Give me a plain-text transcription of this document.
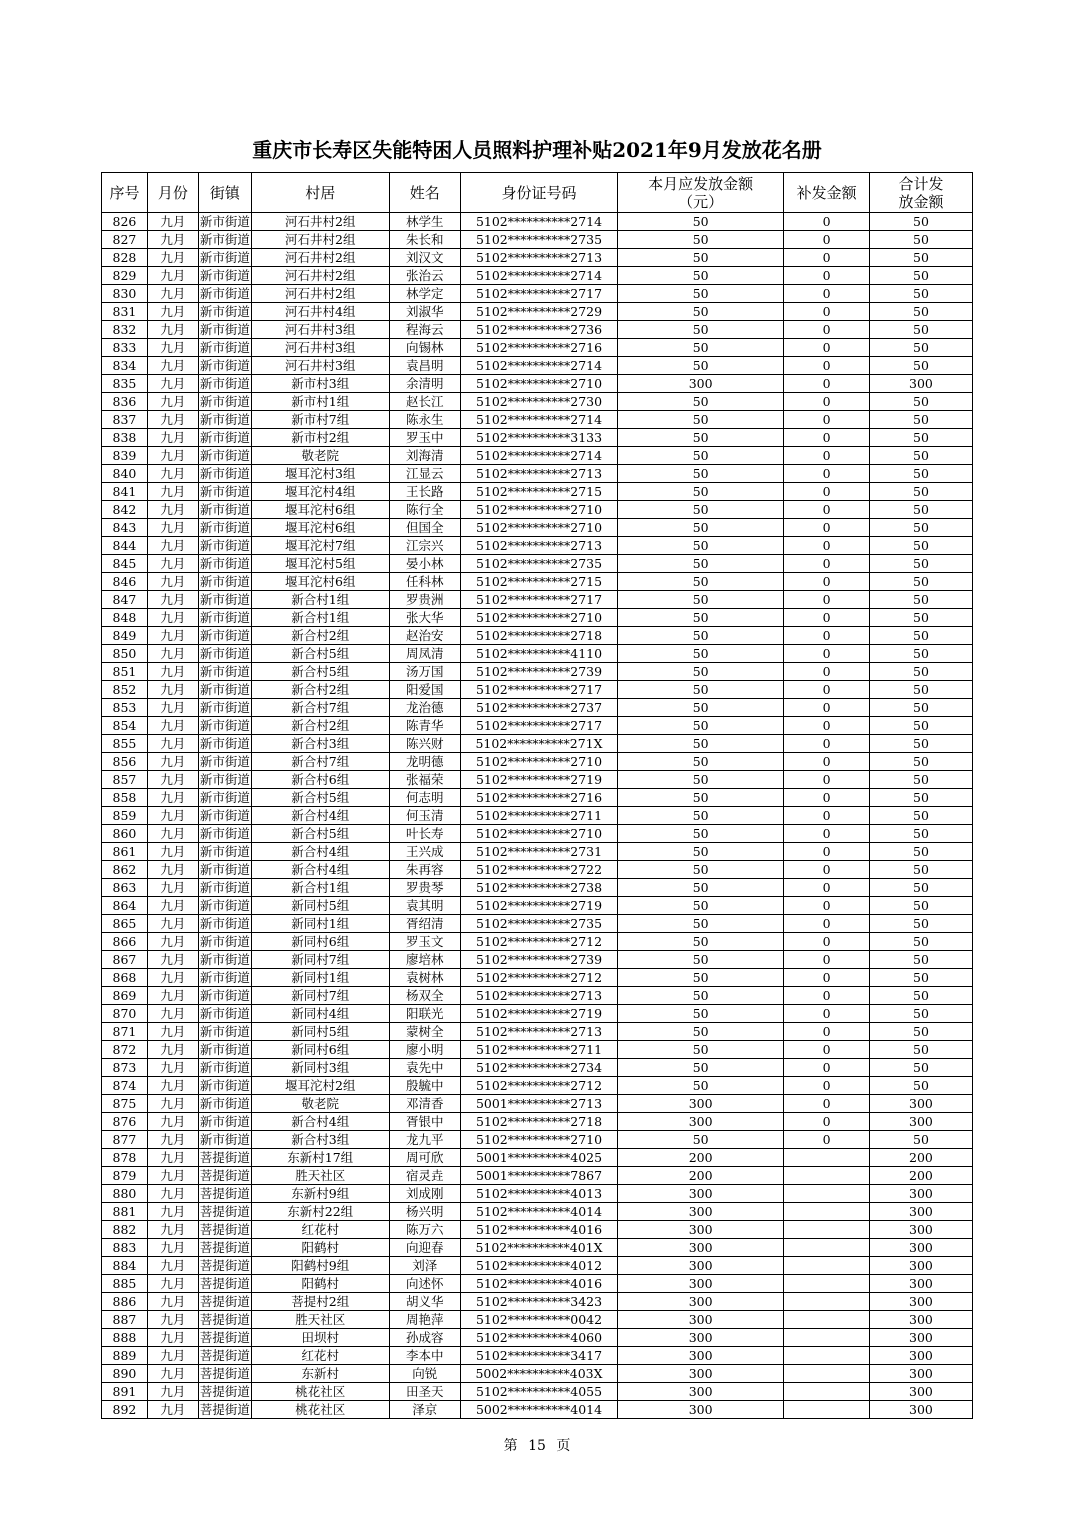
重庆市长寿区失能特困人员照料护理补贴2021年9月发放花名册
序号	月份	街镇	村居	姓名	身份证号码	本月应发放金额（元）	补发金额	合计发放金额
826	九月	新市街道	河石井村2组	林学生	5102**********2714	50	0	50
827	九月	新市街道	河石井村2组	朱长和	5102**********2735	50	0	50
828	九月	新市街道	河石井村2组	刘汉文	5102**********2713	50	0	50
829	九月	新市街道	河石井村2组	张治云	5102**********2714	50	0	50
830	九月	新市街道	河石井村2组	林学定	5102**********2717	50	0	50
831	九月	新市街道	河石井村4组	刘淑华	5102**********2729	50	0	50
832	九月	新市街道	河石井村3组	程海云	5102**********2736	50	0	50
833	九月	新市街道	河石井村3组	向锡林	5102**********2716	50	0	50
834	九月	新市街道	河石井村3组	袁昌明	5102**********2714	50	0	50
835	九月	新市街道	新市村3组	余清明	5102**********2710	300	0	300
836	九月	新市街道	新市村1组	赵长江	5102**********2730	50	0	50
837	九月	新市街道	新市村7组	陈永生	5102**********2714	50	0	50
838	九月	新市街道	新市村2组	罗玉中	5102**********3133	50	0	50
839	九月	新市街道	敬老院	刘海清	5102**********2714	50	0	50
840	九月	新市街道	堰耳沱村3组	江显云	5102**********2713	50	0	50
841	九月	新市街道	堰耳沱村4组	王长路	5102**********2715	50	0	50
842	九月	新市街道	堰耳沱村6组	陈行全	5102**********2710	50	0	50
843	九月	新市街道	堰耳沱村6组	但国全	5102**********2710	50	0	50
844	九月	新市街道	堰耳沱村7组	江宗兴	5102**********2713	50	0	50
845	九月	新市街道	堰耳沱村5组	晏小林	5102**********2735	50	0	50
846	九月	新市街道	堰耳沱村6组	任科林	5102**********2715	50	0	50
847	九月	新市街道	新合村1组	罗贵洲	5102**********2717	50	0	50
848	九月	新市街道	新合村1组	张大华	5102**********2710	50	0	50
849	九月	新市街道	新合村2组	赵治安	5102**********2718	50	0	50
850	九月	新市街道	新合村5组	周凤清	5102**********4110	50	0	50
851	九月	新市街道	新合村5组	汤万国	5102**********2739	50	0	50
852	九月	新市街道	新合村2组	阳爱国	5102**********2717	50	0	50
853	九月	新市街道	新合村7组	龙治德	5102**********2737	50	0	50
854	九月	新市街道	新合村2组	陈青华	5102**********2717	50	0	50
855	九月	新市街道	新合村3组	陈兴财	5102**********271X	50	0	50
856	九月	新市街道	新合村7组	龙明德	5102**********2710	50	0	50
857	九月	新市街道	新合村6组	张福荣	5102**********2719	50	0	50
858	九月	新市街道	新合村5组	何志明	5102**********2716	50	0	50
859	九月	新市街道	新合村4组	何玉清	5102**********2711	50	0	50
860	九月	新市街道	新合村5组	叶长寿	5102**********2710	50	0	50
861	九月	新市街道	新合村4组	王兴成	5102**********2731	50	0	50
862	九月	新市街道	新合村4组	朱再容	5102**********2722	50	0	50
863	九月	新市街道	新合村1组	罗贵琴	5102**********2738	50	0	50
864	九月	新市街道	新同村5组	袁其明	5102**********2719	50	0	50
865	九月	新市街道	新同村1组	胥绍清	5102**********2735	50	0	50
866	九月	新市街道	新同村6组	罗玉文	5102**********2712	50	0	50
867	九月	新市街道	新同村7组	廖培林	5102**********2739	50	0	50
868	九月	新市街道	新同村1组	袁树林	5102**********2712	50	0	50
869	九月	新市街道	新同村7组	杨双全	5102**********2713	50	0	50
870	九月	新市街道	新同村4组	阳联光	5102**********2719	50	0	50
871	九月	新市街道	新同村5组	蒙树全	5102**********2713	50	0	50
872	九月	新市街道	新同村6组	廖小明	5102**********2711	50	0	50
873	九月	新市街道	新同村3组	袁先中	5102**********2734	50	0	50
874	九月	新市街道	堰耳沱村2组	殷毓中	5102**********2712	50	0	50
875	九月	新市街道	敬老院	邓清香	5001**********2713	300	0	300
876	九月	新市街道	新合村4组	胥银中	5102**********2718	300	0	300
877	九月	新市街道	新合村3组	龙九平	5102**********2710	50	0	50
878	九月	菩提街道	东新村17组	周可欣	5001**********4025	200		200
879	九月	菩提街道	胜天社区	宿灵垚	5001**********7867	200		200
880	九月	菩提街道	东新村9组	刘成刚	5102**********4013	300		300
881	九月	菩提街道	东新村22组	杨兴明	5102**********4014	300		300
882	九月	菩提街道	红花村	陈万六	5102**********4016	300		300
883	九月	菩提街道	阳鹤村	向迎春	5102**********401X	300		300
884	九月	菩提街道	阳鹤村9组	刘泽	5102**********4012	300		300
885	九月	菩提街道	阳鹤村	向述怀	5102**********4016	300		300
886	九月	菩提街道	菩提村2组	胡义华	5102**********3423	300		300
887	九月	菩提街道	胜天社区	周艳萍	5102**********0042	300		300
888	九月	菩提街道	田坝村	孙成容	5102**********4060	300		300
889	九月	菩提街道	红花村	李本中	5102**********3417	300		300
890	九月	菩提街道	东新村	向锐	5002**********403X	300		300
891	九月	菩提街道	桃花社区	田圣天	5102**********4055	300		300
892	九月	菩提街道	桃花社区	泽京	5002**********4014	300		300
第 15 页
